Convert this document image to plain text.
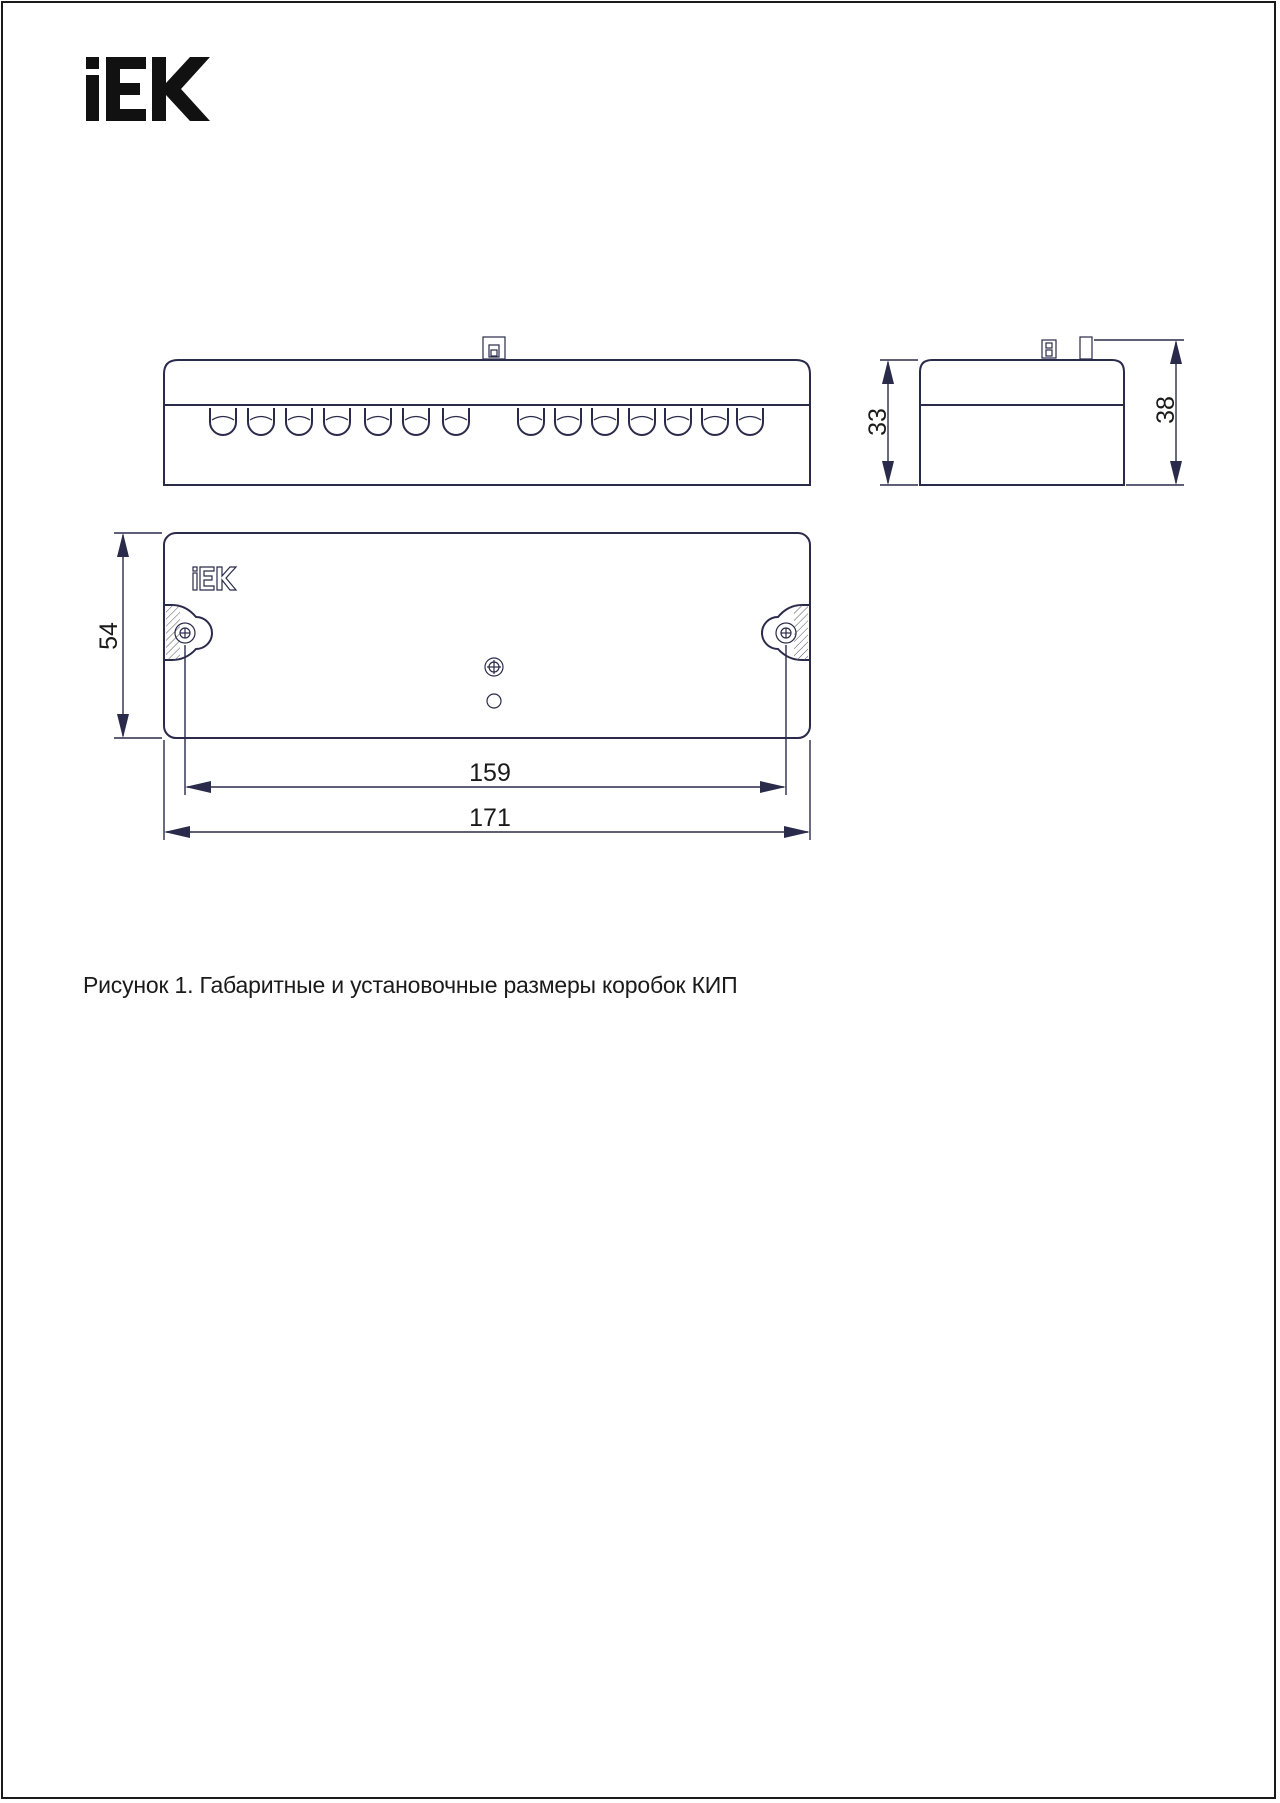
33	38
54
159
171
Рисунок 1. Габаритные и установочные размеры коробок КИП
